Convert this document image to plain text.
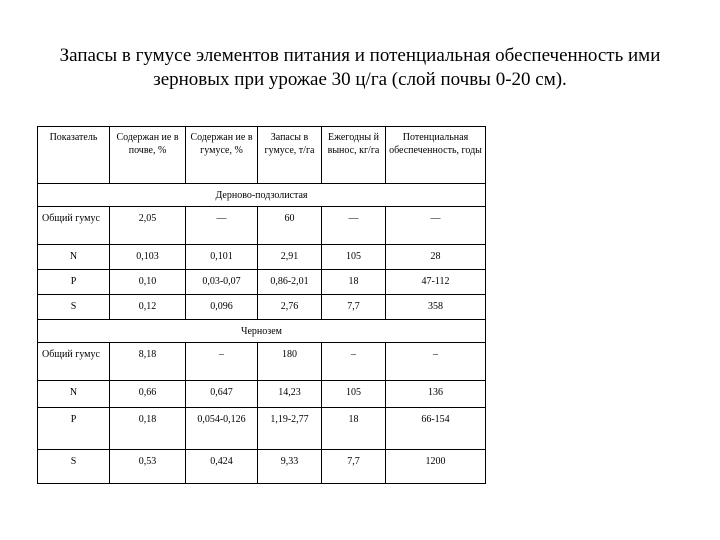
Запасы в гумусе элементов питания и потенциальная обеспеченность ими
зерновых при урожае 30 ц/га (слой почвы 0-20 см).
Показатель	Содержан ие в почве, %	Содержан ие в гумусе, %	Запасы в гумусе, т/га	Ежегодны й вынос, кг/га	Потенциальная обеспеченность, годы
Дерново-подзолистая					
Общий гумус	2,05	—	60	—	—
N	0,103	0,101	2,91	105	28
P	0,10	0,03-0,07	0,86-2,01	18	47-112
S	0,12	0,096	2,76	7,7	358
Чернозем					
Общий гумус	8,18	–	180	–	–
N	0,66	0,647	14,23	105	136
P	0,18	0,054-0,126	1,19-2,77	18	66-154
S	0,53	0,424	9,33	7,7	1200
